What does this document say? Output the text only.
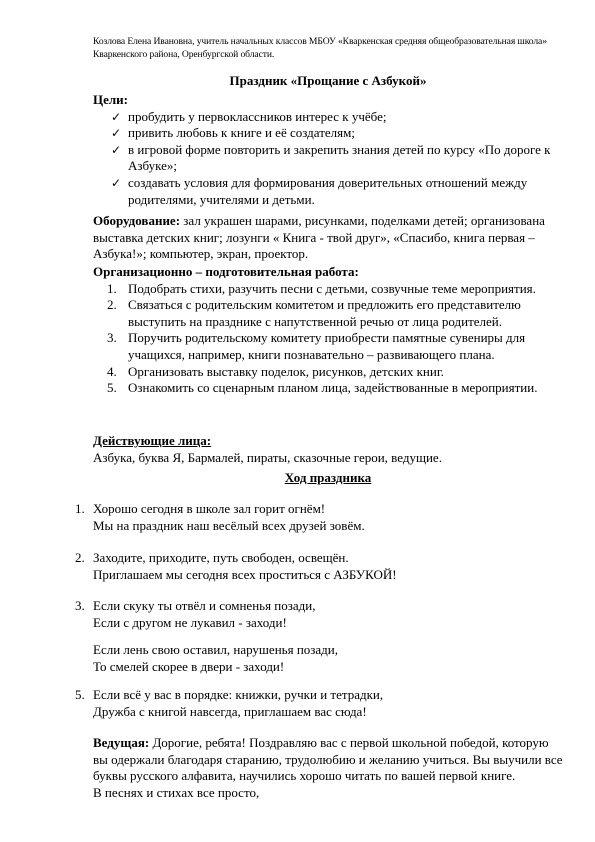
Козлова Елена Ивановна, учитель начальных классов МБОУ «Кваркенская средняя общеобразовательная школа» Кваркенского района, Оренбургской области.
Праздник «Прощание с Азбукой»
Цели:
✓ пробудить у первоклассников интерес к учёбе;
✓ привить любовь к книге и её создателям;
✓ в игровой форме повторить и закрепить знания детей по курсу «По дороге к Азбуке»;
✓ создавать условия для формирования доверительных отношений между родителями, учителями и детьми.
Оборудование: зал украшен шарами, рисунками, поделками детей; организована выставка детских книг; лозунги « Книга - твой друг», «Спасибо, книга первая – Азбука!»; компьютер, экран, проектор.
Организационно – подготовительная работа:
1. Подобрать стихи, разучить песни с детьми, созвучные теме мероприятия.
2. Связаться с родительским комитетом и предложить его представителю выступить на празднике с напутственной речью от лица родителей.
3. Поручить родительскому комитету приобрести памятные сувениры для учащихся, например, книги познавательно – развивающего плана.
4. Организовать выставку поделок, рисунков, детских книг.
5. Ознакомить со сценарным планом лица, задействованные в мероприятии.
Действующие лица:
Азбука, буква Я, Бармалей, пираты, сказочные герои, ведущие.
Ход праздника
1. Хорошо сегодня в школе зал горит огнём!
Мы на праздник наш весёлый всех друзей зовём.
2. Заходите, приходите, путь свободен, освещён.
Приглашаем мы сегодня всех проститься с АЗБУКОЙ!
3. Если скуку ты отвёл и сомненья позади,
Если с другом не лукавил - заходи!
Если лень свою оставил, нарушенья позади,
То смелей скорее в двери - заходи!
5. Если всё у вас в порядке: книжки, ручки и тетрадки,
Дружба с книгой навсегда, приглашаем вас сюда!
Ведущая: Дорогие, ребята! Поздравляю вас с первой школьной победой, которую вы одержали благодаря старанию, трудолюбию и желанию учиться. Вы выучили все буквы русского алфавита, научились хорошо читать по вашей первой книге.
В песнях и стихах все просто,
